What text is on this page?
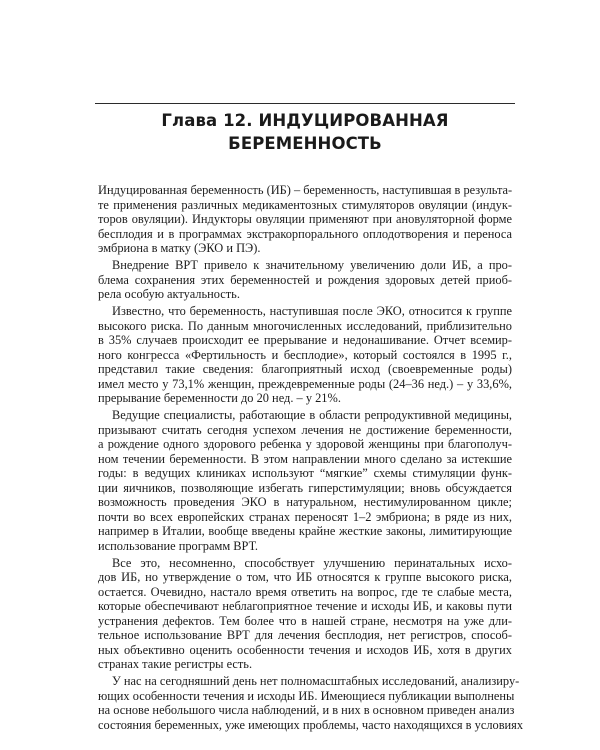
Глава 12. ИНДУЦИРОВАННАЯ
БЕРЕМЕННОСТЬ
Индуцированная беременность (ИБ) – беременность, наступившая в результа-
те применения различных медикаментозных стимуляторов овуляции (индук-
торов овуляции). Индукторы овуляции применяют при ановуляторной форме
бесплодия и в программах экстракорпорального оплодотворения и переноса
эмбриона в матку (ЭКО и ПЭ).
Внедрение ВРТ привело к значительному увеличению доли ИБ, а про-
блема сохранения этих беременностей и рождения здоровых детей приоб-
рела особую актуальность.
Известно, что беременность, наступившая после ЭКО, относится к группе
высокого риска. По данным многочисленных исследований, приблизительно
в 35% случаев происходит ее прерывание и недонашивание. Отчет всемир-
ного конгресса «Фертильность и бесплодие», который состоялся в 1995 г.,
представил такие сведения: благоприятный исход (своевременные роды)
имел место у 73,1% женщин, преждевременные роды (24–36 нед.) – у 33,6%,
прерывание беременности до 20 нед. – у 21%.
Ведущие специалисты, работающие в области репродуктивной медицины,
призывают считать сегодня успехом лечения не достижение беременности,
а рождение одного здорового ребенка у здоровой женщины при благополуч-
ном течении беременности. В этом направлении много сделано за истекшие
годы: в ведущих клиниках используют “мягкие” схемы стимуляции функ-
ции яичников, позволяющие избегать гиперстимуляции; вновь обсуждается
возможность проведения ЭКО в натуральном, нестимулированном цикле;
почти во всех европейских странах переносят 1–2 эмбриона; в ряде из них,
например в Италии, вообще введены крайне жесткие законы, лимитирующие
использование программ ВРТ.
Все это, несомненно, способствует улучшению перинатальных исхо-
дов ИБ, но утверждение о том, что ИБ относятся к группе высокого риска,
остается. Очевидно, настало время ответить на вопрос, где те слабые места,
которые обеспечивают неблагоприятное течение и исходы ИБ, и каковы пути
устранения дефектов. Тем более что в нашей стране, несмотря на уже дли-
тельное использование ВРТ для лечения бесплодия, нет регистров, способ-
ных объективно оценить особенности течения и исходов ИБ, хотя в других
странах такие регистры есть.
У нас на сегодняшний день нет полномасштабных исследований, анализиру-
ющих особенности течения и исходы ИБ. Имеющиеся публикации выполнены
на основе небольшого числа наблюдений, и в них в основном приведен анализ
состояния беременных, уже имеющих проблемы, часто находящихся в условиях
